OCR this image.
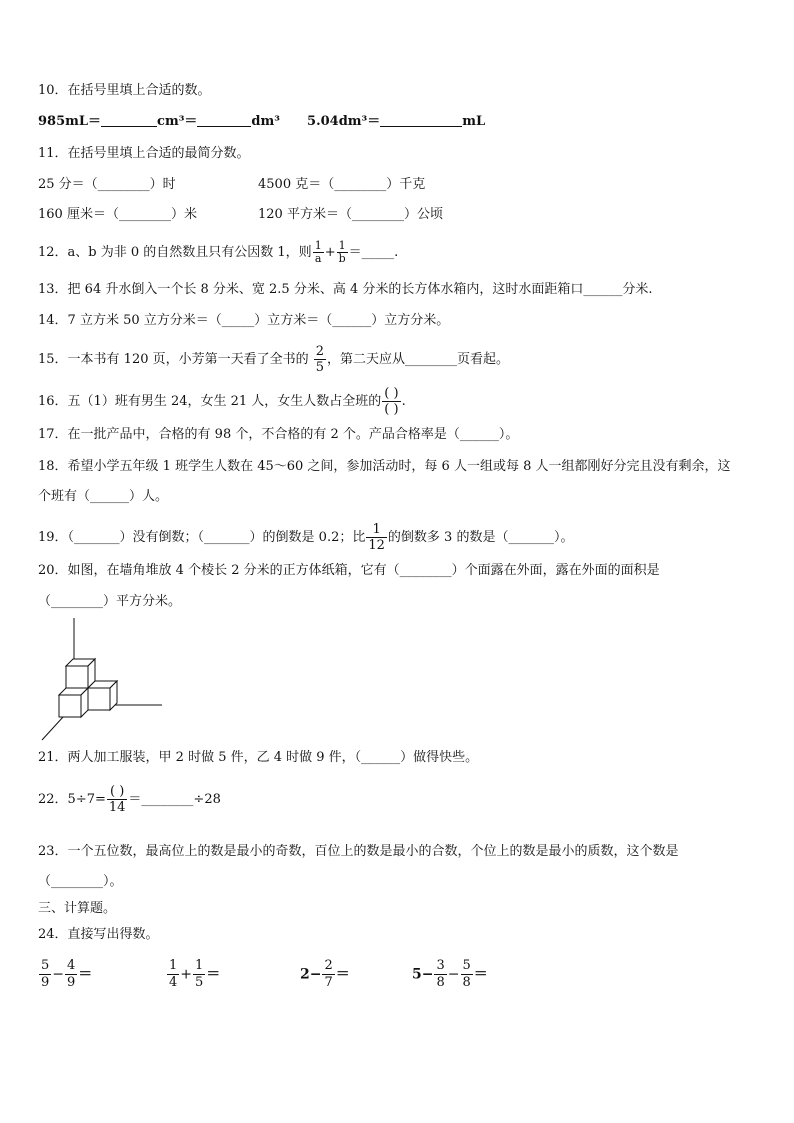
10．在括号里填上合适的数。
985mL＝	cm³＝	dm³ 5.04dm³＝	mL
11．在括号里填上合适的最简分数。
25 分＝（________）时	4500 克＝（________）千克
160 厘米＝（________）米	120 平方米＝（________）公顷
12．a、b 为非 0 的自然数且只有公因数 1，则 $\frac{1}{a} + \frac{1}{b}$ ＝_____.
13．把 64 升水倒入一个长 8 分米、宽 2.5 分米、高 4 分米的长方体水箱内，这时水面距箱口______分米.
14．7 立方米 50 立方分米＝（_____）立方米＝（______）立方分米。
15．一本书有 120 页，小芳第一天看了全书的 $\frac{2}{5}$ ，第二天应从________页看起。
16．五（1）班有男生 24，女生 21 人，女生人数占全班的 $\frac{( )}{( )}$ .
17．在一批产品中，合格的有 98 个，不合格的有 2 个。产品合格率是（______）。
18．希望小学五年级 1 班学生人数在 45～60 之间，参加活动时，每 6 人一组或每 8 人一组都刚好分完且没有剩余，这
个班有（______）人。
19．（_______）没有倒数；（_______）的倒数是 0.2；比 $\frac{1}{12}$ 的倒数多 3 的数是（_______）。
20．如图，在墙角堆放 4 个棱长 2 分米的正方体纸箱，它有（________）个面露在外面，露在外面的面积是
（________）平方分米。
21．两人加工服装，甲 2 时做 5 件，乙 4 时做 9 件，（______）做得快些。
22．$5\div 7= \frac{( )}{14}$ ＝________÷28
23．一个五位数，最高位上的数是最小的奇数，百位上的数是最小的合数，个位上的数是最小的质数，这个数是
（________）。
三、计算题。
24．直接写出得数。
$\frac{5}{9} - \frac{4}{9}$ ＝	$\frac{1}{4} + \frac{1}{5}$ ＝	$2- \frac{2}{7}$ ＝	$5- \frac{3}{8} - \frac{5}{8}$ ＝
